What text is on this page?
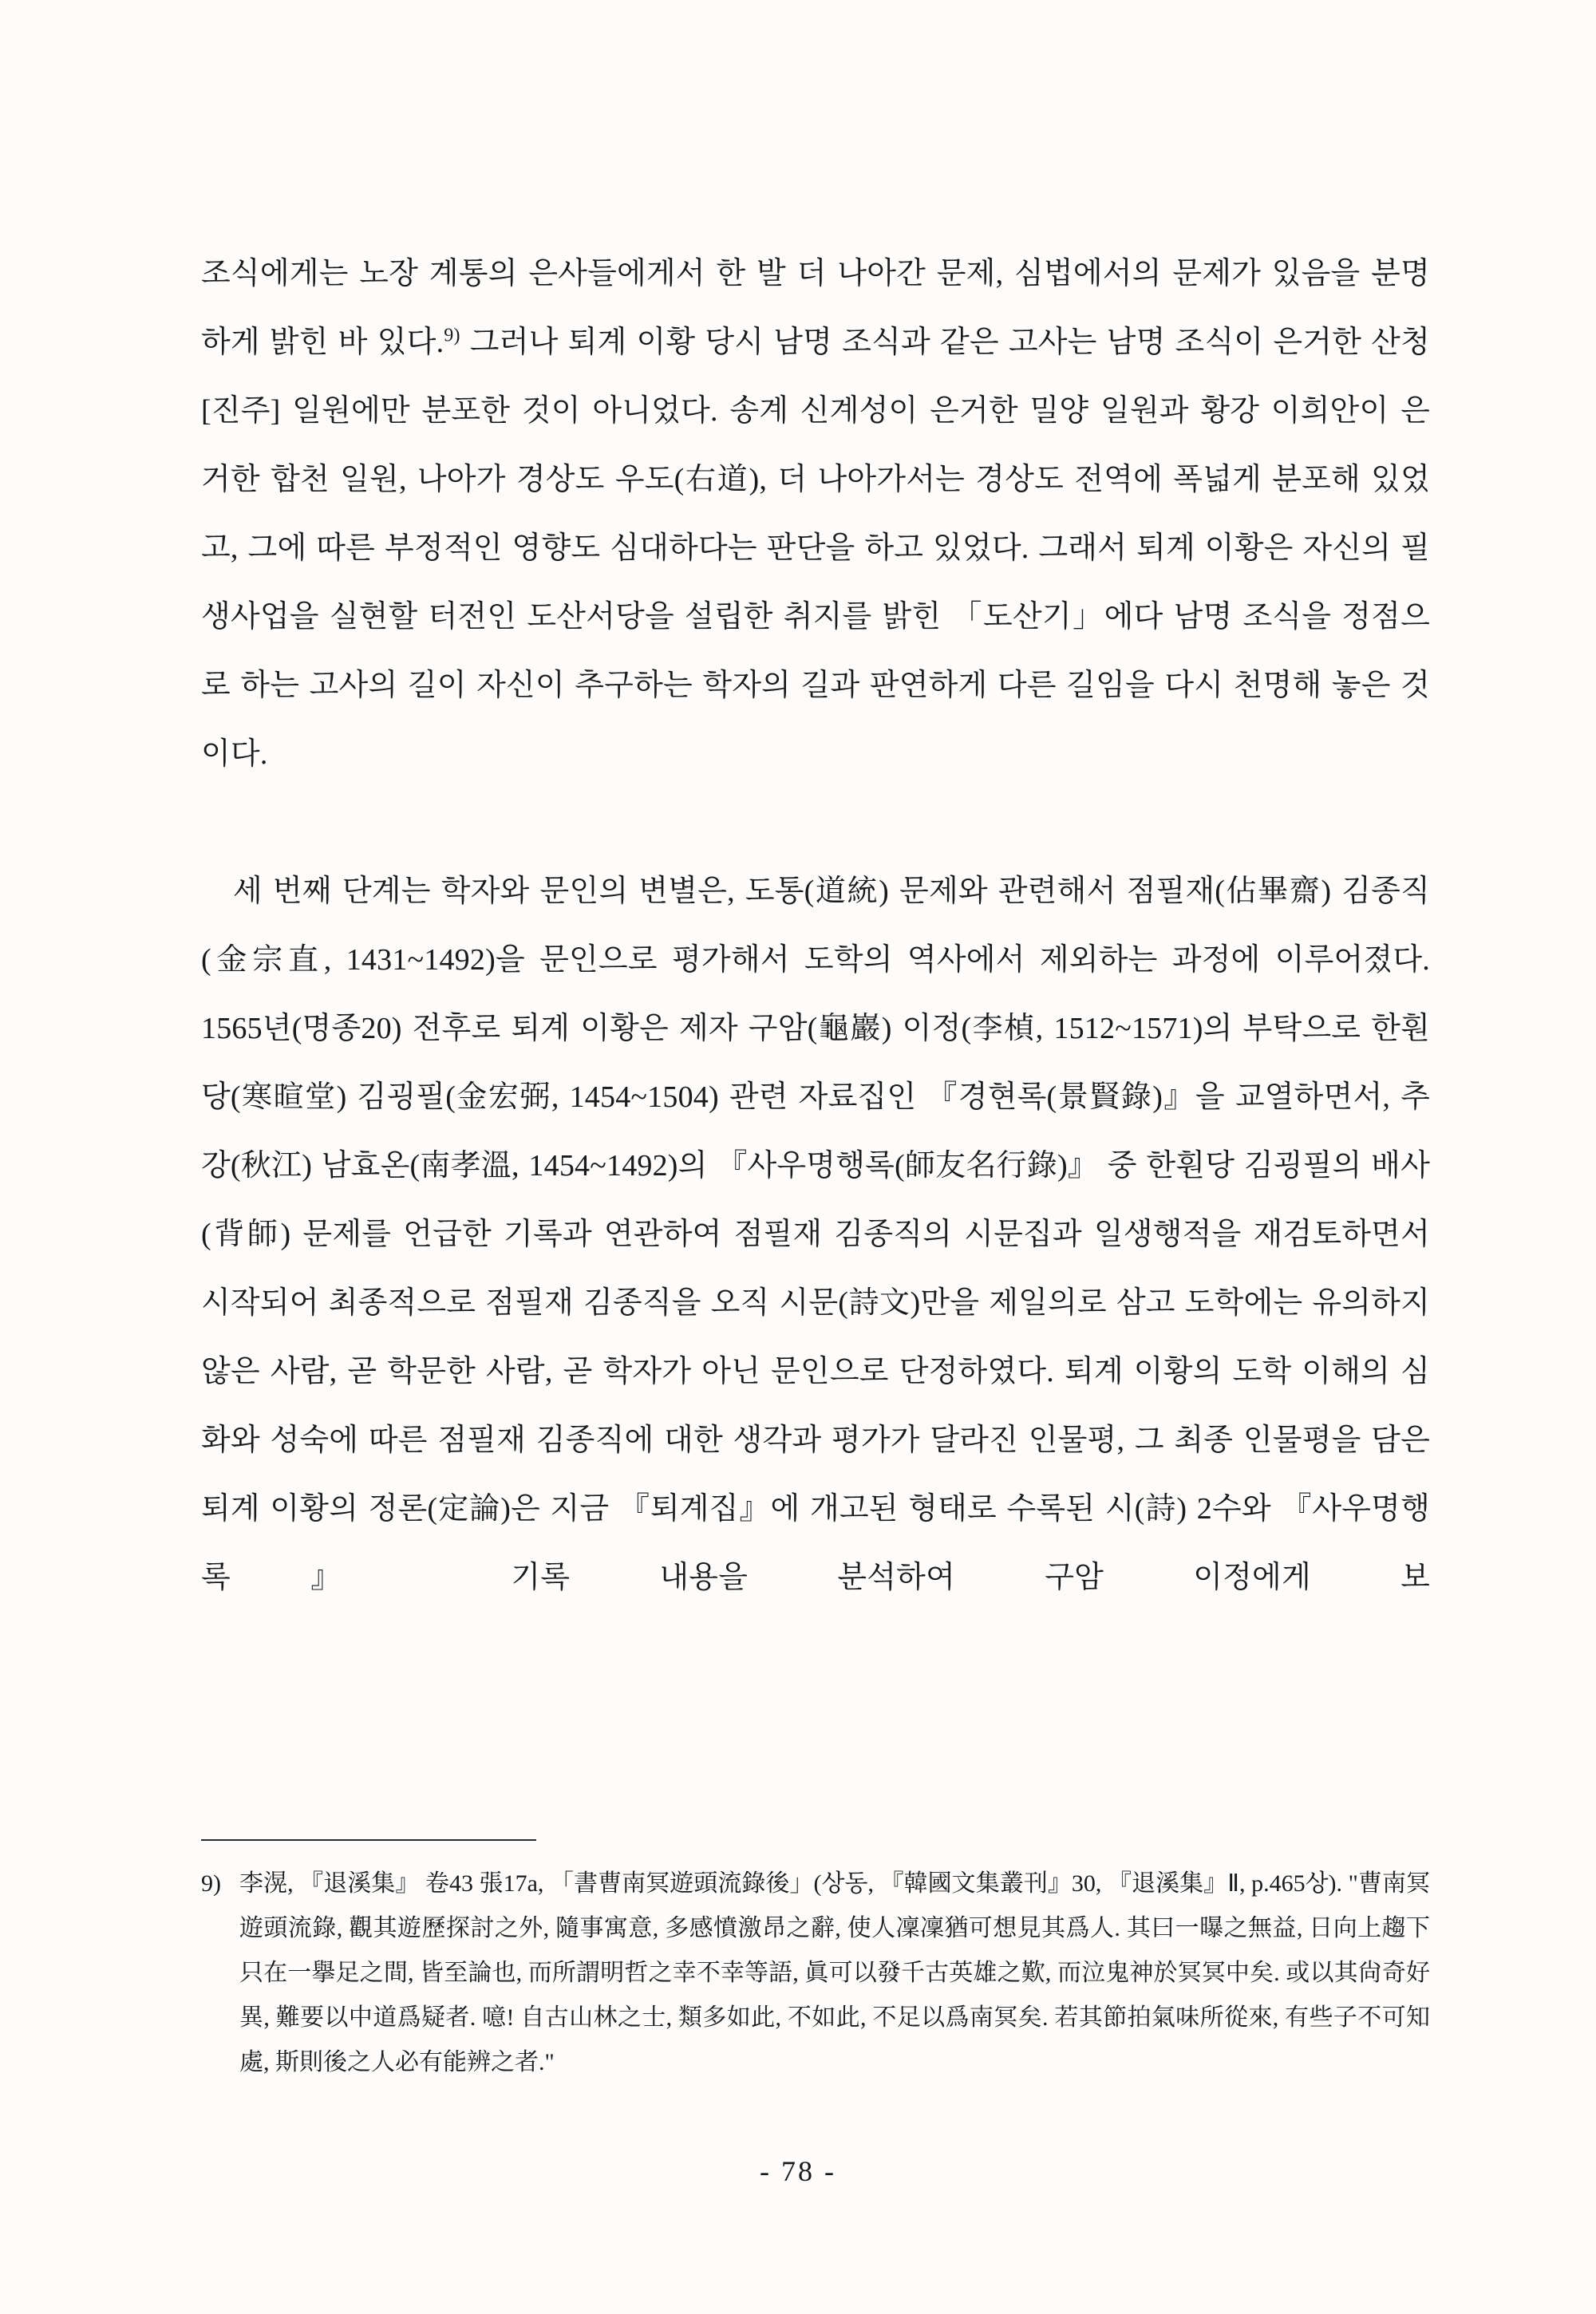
조식에게는 노장 계통의 은사들에게서 한 발 더 나아간 문제, 심법에서의 문제가 있음을 분명하게 밝힌 바 있다.$^{9)}$ 그러나 퇴계 이황 당시 남명 조식과 같은 고사는 남명 조식이 은거한 산청[진주] 일원에만 분포한 것이 아니었다. 송계 신계성이 은거한 밀양 일원과 황강 이희안이 은거한 합천 일원, 나아가 경상도 우도(右道), 더 나아가서는 경상도 전역에 폭넓게 분포해 있었고, 그에 따른 부정적인 영향도 심대하다는 판단을 하고 있었다. 그래서 퇴계 이황은 자신의 필생사업을 실현할 터전인 도산서당을 설립한 취지를 밝힌 「도산기」에다 남명 조식을 정점으로 하는 고사의 길이 자신이 추구하는 학자의 길과 판연하게 다른 길임을 다시 천명해 놓은 것이다.

세 번째 단계는 학자와 문인의 변별은, 도통(道統) 문제와 관련해서 점필재(佔畢齋) 김종직(金宗直, 1431~1492)을 문인으로 평가해서 도학의 역사에서 제외하는 과정에 이루어졌다. 1565년(명종20) 전후로 퇴계 이황은 제자 구암(龜巖) 이정(李楨, 1512~1571)의 부탁으로 한훤당(寒暄堂) 김굉필(金宏弼, 1454~1504) 관련 자료집인 『경현록(景賢錄)』을 교열하면서, 추강(秋江) 남효온(南孝溫, 1454~1492)의 『사우명행록(師友名行錄)』 중 한훤당 김굉필의 배사(背師) 문제를 언급한 기록과 연관하여 점필재 김종직의 시문집과 일생행적을 재검토하면서 시작되어 최종적으로 점필재 김종직을 오직 시문(詩文)만을 제일의로 삼고 도학에는 유의하지 않은 사람, 곧 학문한 사람, 곧 학자가 아닌 문인으로 단정하였다. 퇴계 이황의 도학 이해의 심화와 성숙에 따른 점필재 김종직에 대한 생각과 평가가 달라진 인물평, 그 최종 인물평을 담은 퇴계 이황의 정론(定論)은 지금 『퇴계집』에 개고된 형태로 수록된 시(詩) 2수와 『사우명행록』 기록 내용을 분석하여 구암 이정에게 보

9) 李滉, 『退溪集』 卷43 張17a, 「書曹南冥遊頭流錄後」(상동, 『韓國文集叢刊』30, 『退溪集』Ⅱ, p.465상). "曹南冥遊頭流錄, 觀其遊歷探討之外, 隨事寓意, 多感憤激昂之辭, 使人凜凜猶可想見其爲人. 其曰一曝之無益, 日向上趨下只在一擧足之間, 皆至論也, 而所謂明哲之幸不幸等語, 眞可以發千古英雄之歎, 而泣鬼神於冥冥中矣. 或以其尙奇好異, 難要以中道爲疑者. 噫! 自古山林之士, 類多如此, 不如此, 不足以爲南冥矣. 若其節拍氣味所從來, 有些子不可知處, 斯則後之人必有能辨之者."
- 78 -
